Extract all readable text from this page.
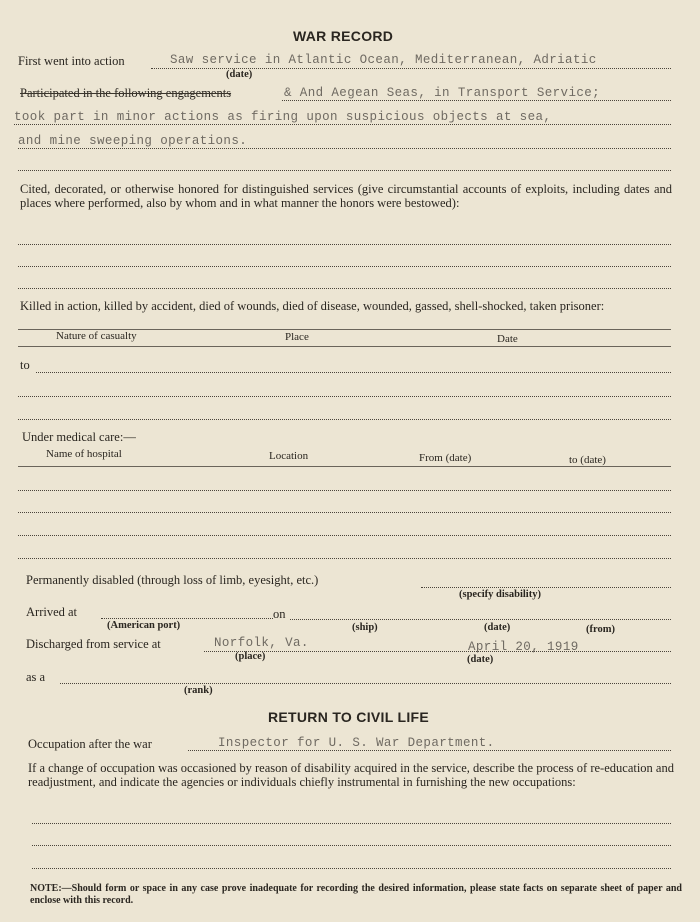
WAR RECORD
First went into action	Saw service in Atlantic Ocean, Mediterranean, Adriatic
(date)
Participated in the following engagements	& And Aegean Seas, in Transport Service;
took part in minor actions as firing upon suspicious objects at sea,
and mine sweeping operations.
Cited, decorated, or otherwise honored for distinguished services (give circumstantial accounts of exploits, including dates and places where performed, also by whom and in what manner the honors were bestowed):
Killed in action, killed by accident, died of wounds, died of disease, wounded, gassed, shell-shocked, taken prisoner:
Nature of casualty	Place	Date
to
Under medical care:—
Name of hospital	Location	From (date)	to (date)
Permanently disabled (through loss of limb, eyesight, etc.)
(specify disability)
Arrived at	on
(American port)	(ship)	(date)	(from)
Discharged from service at	Norfolk, Va.	April 20, 1919
(place)	(date)
as a
(rank)
RETURN TO CIVIL LIFE
Occupation after the war	Inspector for U. S. War Department.
If a change of occupation was occasioned by reason of disability acquired in the service, describe the process of re-education and readjustment, and indicate the agencies or individuals chiefly instrumental in furnishing the new occupations:
NOTE:—Should form or space in any case prove inadequate for recording the desired information, please state facts on separate sheet of paper and enclose with this record.
